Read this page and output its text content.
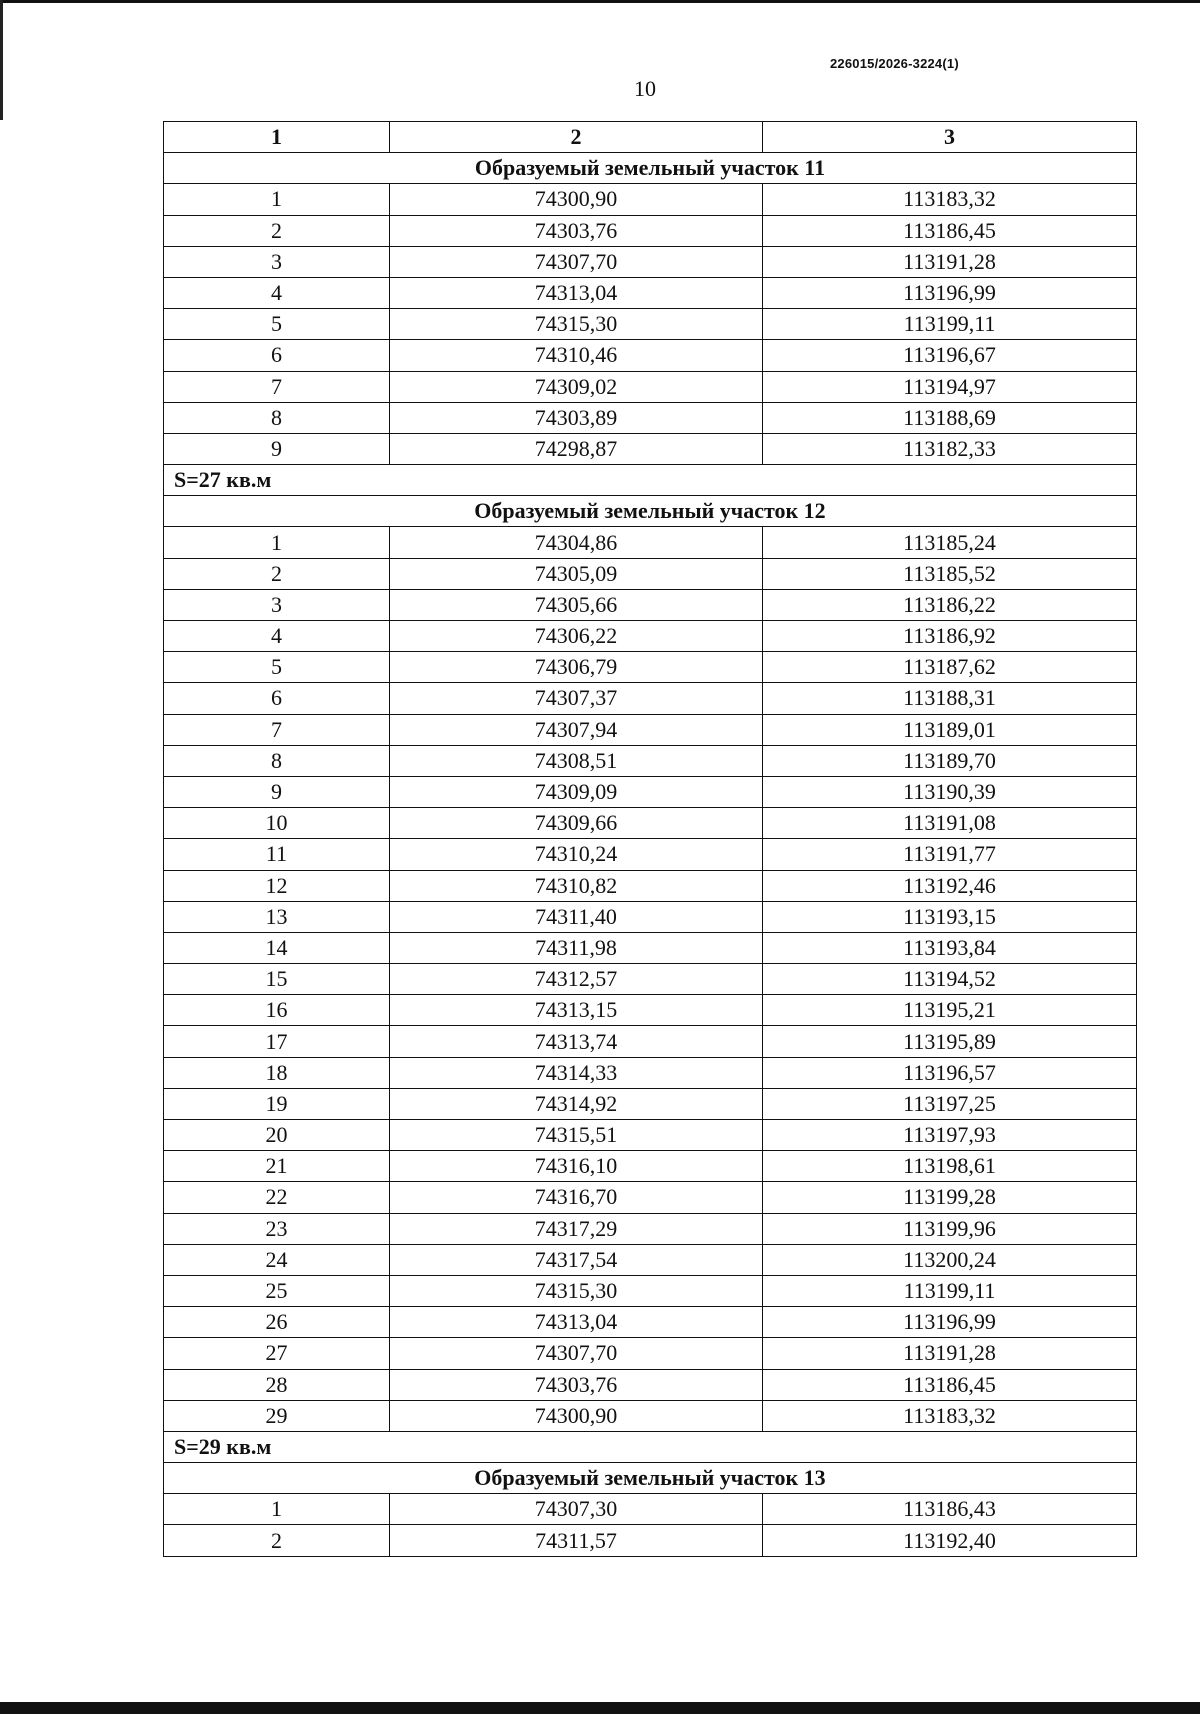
226015/2026-3224(1)
10
1	2	3
Образуемый земельный участок 11		
1	74300,90	113183,32
2	74303,76	113186,45
3	74307,70	113191,28
4	74313,04	113196,99
5	74315,30	113199,11
6	74310,46	113196,67
7	74309,02	113194,97
8	74303,89	113188,69
9	74298,87	113182,33
S=27 кв.м		
Образуемый земельный участок 12		
1	74304,86	113185,24
2	74305,09	113185,52
3	74305,66	113186,22
4	74306,22	113186,92
5	74306,79	113187,62
6	74307,37	113188,31
7	74307,94	113189,01
8	74308,51	113189,70
9	74309,09	113190,39
10	74309,66	113191,08
11	74310,24	113191,77
12	74310,82	113192,46
13	74311,40	113193,15
14	74311,98	113193,84
15	74312,57	113194,52
16	74313,15	113195,21
17	74313,74	113195,89
18	74314,33	113196,57
19	74314,92	113197,25
20	74315,51	113197,93
21	74316,10	113198,61
22	74316,70	113199,28
23	74317,29	113199,96
24	74317,54	113200,24
25	74315,30	113199,11
26	74313,04	113196,99
27	74307,70	113191,28
28	74303,76	113186,45
29	74300,90	113183,32
S=29 кв.м		
Образуемый земельный участок 13		
1	74307,30	113186,43
2	74311,57	113192,40
